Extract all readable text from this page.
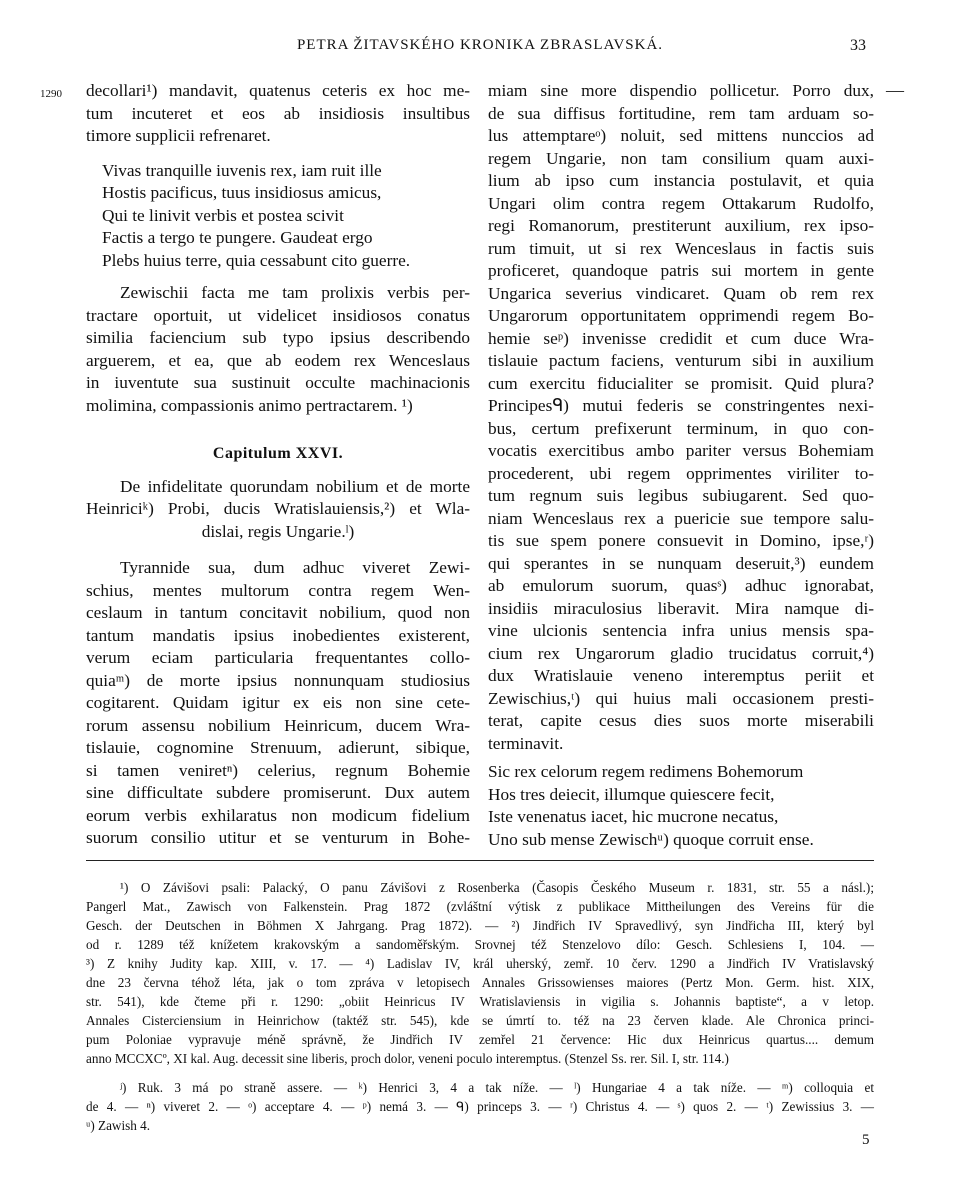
PETRA ŽITAVSKÉHO KRONIKA ZBRASLAVSKÁ.	33
1290	—
decollari¹) mandavit, quatenus ceteris ex hoc me-
tum incuteret et eos ab insidiosis insultibus
timore supplicii refrenaret.
Vivas tranquille iuvenis rex, iam ruit ille
Hostis pacificus, tuus insidiosus amicus,
Qui te linivit verbis et postea scivit
Factis a tergo te pungere. Gaudeat ergo
Plebs huius terre, quia cessabunt cito guerre.
Zewischii facta me tam prolixis verbis per-
tractare oportuit, ut videlicet insidiosos conatus
similia faciencium sub typo ipsius describendo
arguerem, et ea, que ab eodem rex Wenceslaus
in iuventute sua sustinuit occulte machinacionis
molimina, compassionis animo pertractarem. ¹)
Capitulum XXVI.
De infidelitate quorundam nobilium et de morte
Heinriciᵏ) Probi, ducis Wratislauiensis,²) et Wla-
dislai, regis Ungarie.ˡ)
Tyrannide sua, dum adhuc viveret Zewi-
schius, mentes multorum contra regem Wen-
ceslaum in tantum concitavit nobilium, quod non
tantum mandatis ipsius inobedientes existerent,
verum eciam particularia frequentantes collo-
quiaᵐ) de morte ipsius nonnunquam studiosius
cogitarent. Quidam igitur ex eis non sine cete-
rorum assensu nobilium Heinricum, ducem Wra-
tislauie, cognomine Strenuum, adierunt, sibique,
si tamen veniretⁿ) celerius, regnum Bohemie
sine difficultate subdere promiserunt. Dux autem
eorum verbis exhilaratus non modicum fidelium
suorum consilio utitur et se venturum in Bohe-
miam sine more dispendio pollicetur. Porro dux,
de sua diffisus fortitudine, rem tam arduam so-
lus attemptareᵒ) noluit, sed mittens nunccios ad
regem Ungarie, non tam consilium quam auxi-
lium ab ipso cum instancia postulavit, et quia
Ungari olim contra regem Ottakarum Rudolfo,
regi Romanorum, prestiterunt auxilium, rex ipso-
rum timuit, ut si rex Wenceslaus in factis suis
proficeret, quandoque patris sui mortem in gente
Ungarica severius vindicaret. Quam ob rem rex
Ungarorum opportunitatem opprimendi regem Bo-
hemie seᵖ) invenisse credidit et cum duce Wra-
tislauie pactum faciens, venturum sibi in auxilium
cum exercitu fiducialiter se promisit. Quid plura?
Principesᑫ) mutui federis se constringentes nexi-
bus, certum prefixerunt terminum, in quo con-
vocatis exercitibus ambo pariter versus Bohemiam
procederent, ubi regem opprimentes viriliter to-
tum regnum suis legibus subiugarent. Sed quo-
niam Wenceslaus rex a puericie sue tempore salu-
tis sue spem ponere consuevit in Domino, ipse,ʳ)
qui sperantes in se nunquam deseruit,³) eundem
ab emulorum suorum, quasˢ) adhuc ignorabat,
insidiis miraculosius liberavit. Mira namque di-
vine ulcionis sentencia infra unius mensis spa-
cium rex Ungarorum gladio trucidatus corruit,⁴)
dux Wratislauie veneno interemptus periit et
Zewischius,ᵗ) qui huius mali occasionem presti-
terat, capite cesus dies suos morte miserabili
terminavit.
Sic rex celorum regem redimens Bohemorum
Hos tres deiecit, illumque quiescere fecit,
Iste venenatus iacet, hic mucrone necatus,
Uno sub mense Zewischᵘ) quoque corruit ense.
¹) O Závišovi psali: Palacký, O panu Závišovi z Rosenberka (Časopis Českého Museum r. 1831, str. 55 a násl.);
Pangerl Mat., Zawisch von Falkenstein. Prag 1872 (zvláštní výtisk z publikace Mittheilungen des Vereins für die
Gesch. der Deutschen in Böhmen X Jahrgang. Prag 1872). — ²) Jindřich IV Spravedlivý, syn Jindřicha III, který byl
od r. 1289 též knížetem krakovským a sandoměřským. Srovnej též Stenzelovo dílo: Gesch. Schlesiens I, 104. —
³) Z knihy Judity kap. XIII, v. 17. — ⁴) Ladislav IV, král uherský, zemř. 10 červ. 1290 a Jindřich IV Vratislavský
dne 23 června téhož léta, jak o tom zpráva v letopisech Annales Grissowienses maiores (Pertz Mon. Germ. hist. XIX,
str. 541), kde čteme při r. 1290: „obiit Heinricus IV Wratislaviensis in vigilia s. Johannis baptiste“, a v letop.
Annales Cisterciensium in Heinrichow (taktéž str. 545), kde se úmrtí to. též na 23 červen klade. Ale Chronica princi-
pum Poloniae vypravuje méně správně, že Jindřich IV zemřel 21 července: Hic dux Heinricus quartus.... demum
anno MCCXCº, XI kal. Aug. decessit sine liberis, proch dolor, veneni poculo interemptus. (Stenzel Ss. rer. Sil. I, str. 114.)
ʲ) Ruk. 3 má po straně assere. — ᵏ) Henrici 3, 4 a tak níže. — ˡ) Hungariae 4 a tak níže. — ᵐ) colloquia et
de 4. — ⁿ) viveret 2. — ᵒ) acceptare 4. — ᵖ) nemá 3. — ᑫ) princeps 3. — ʳ) Christus 4. — ˢ) quos 2. — ᵗ) Zewissius 3. —
ᵘ) Zawish 4.
5
